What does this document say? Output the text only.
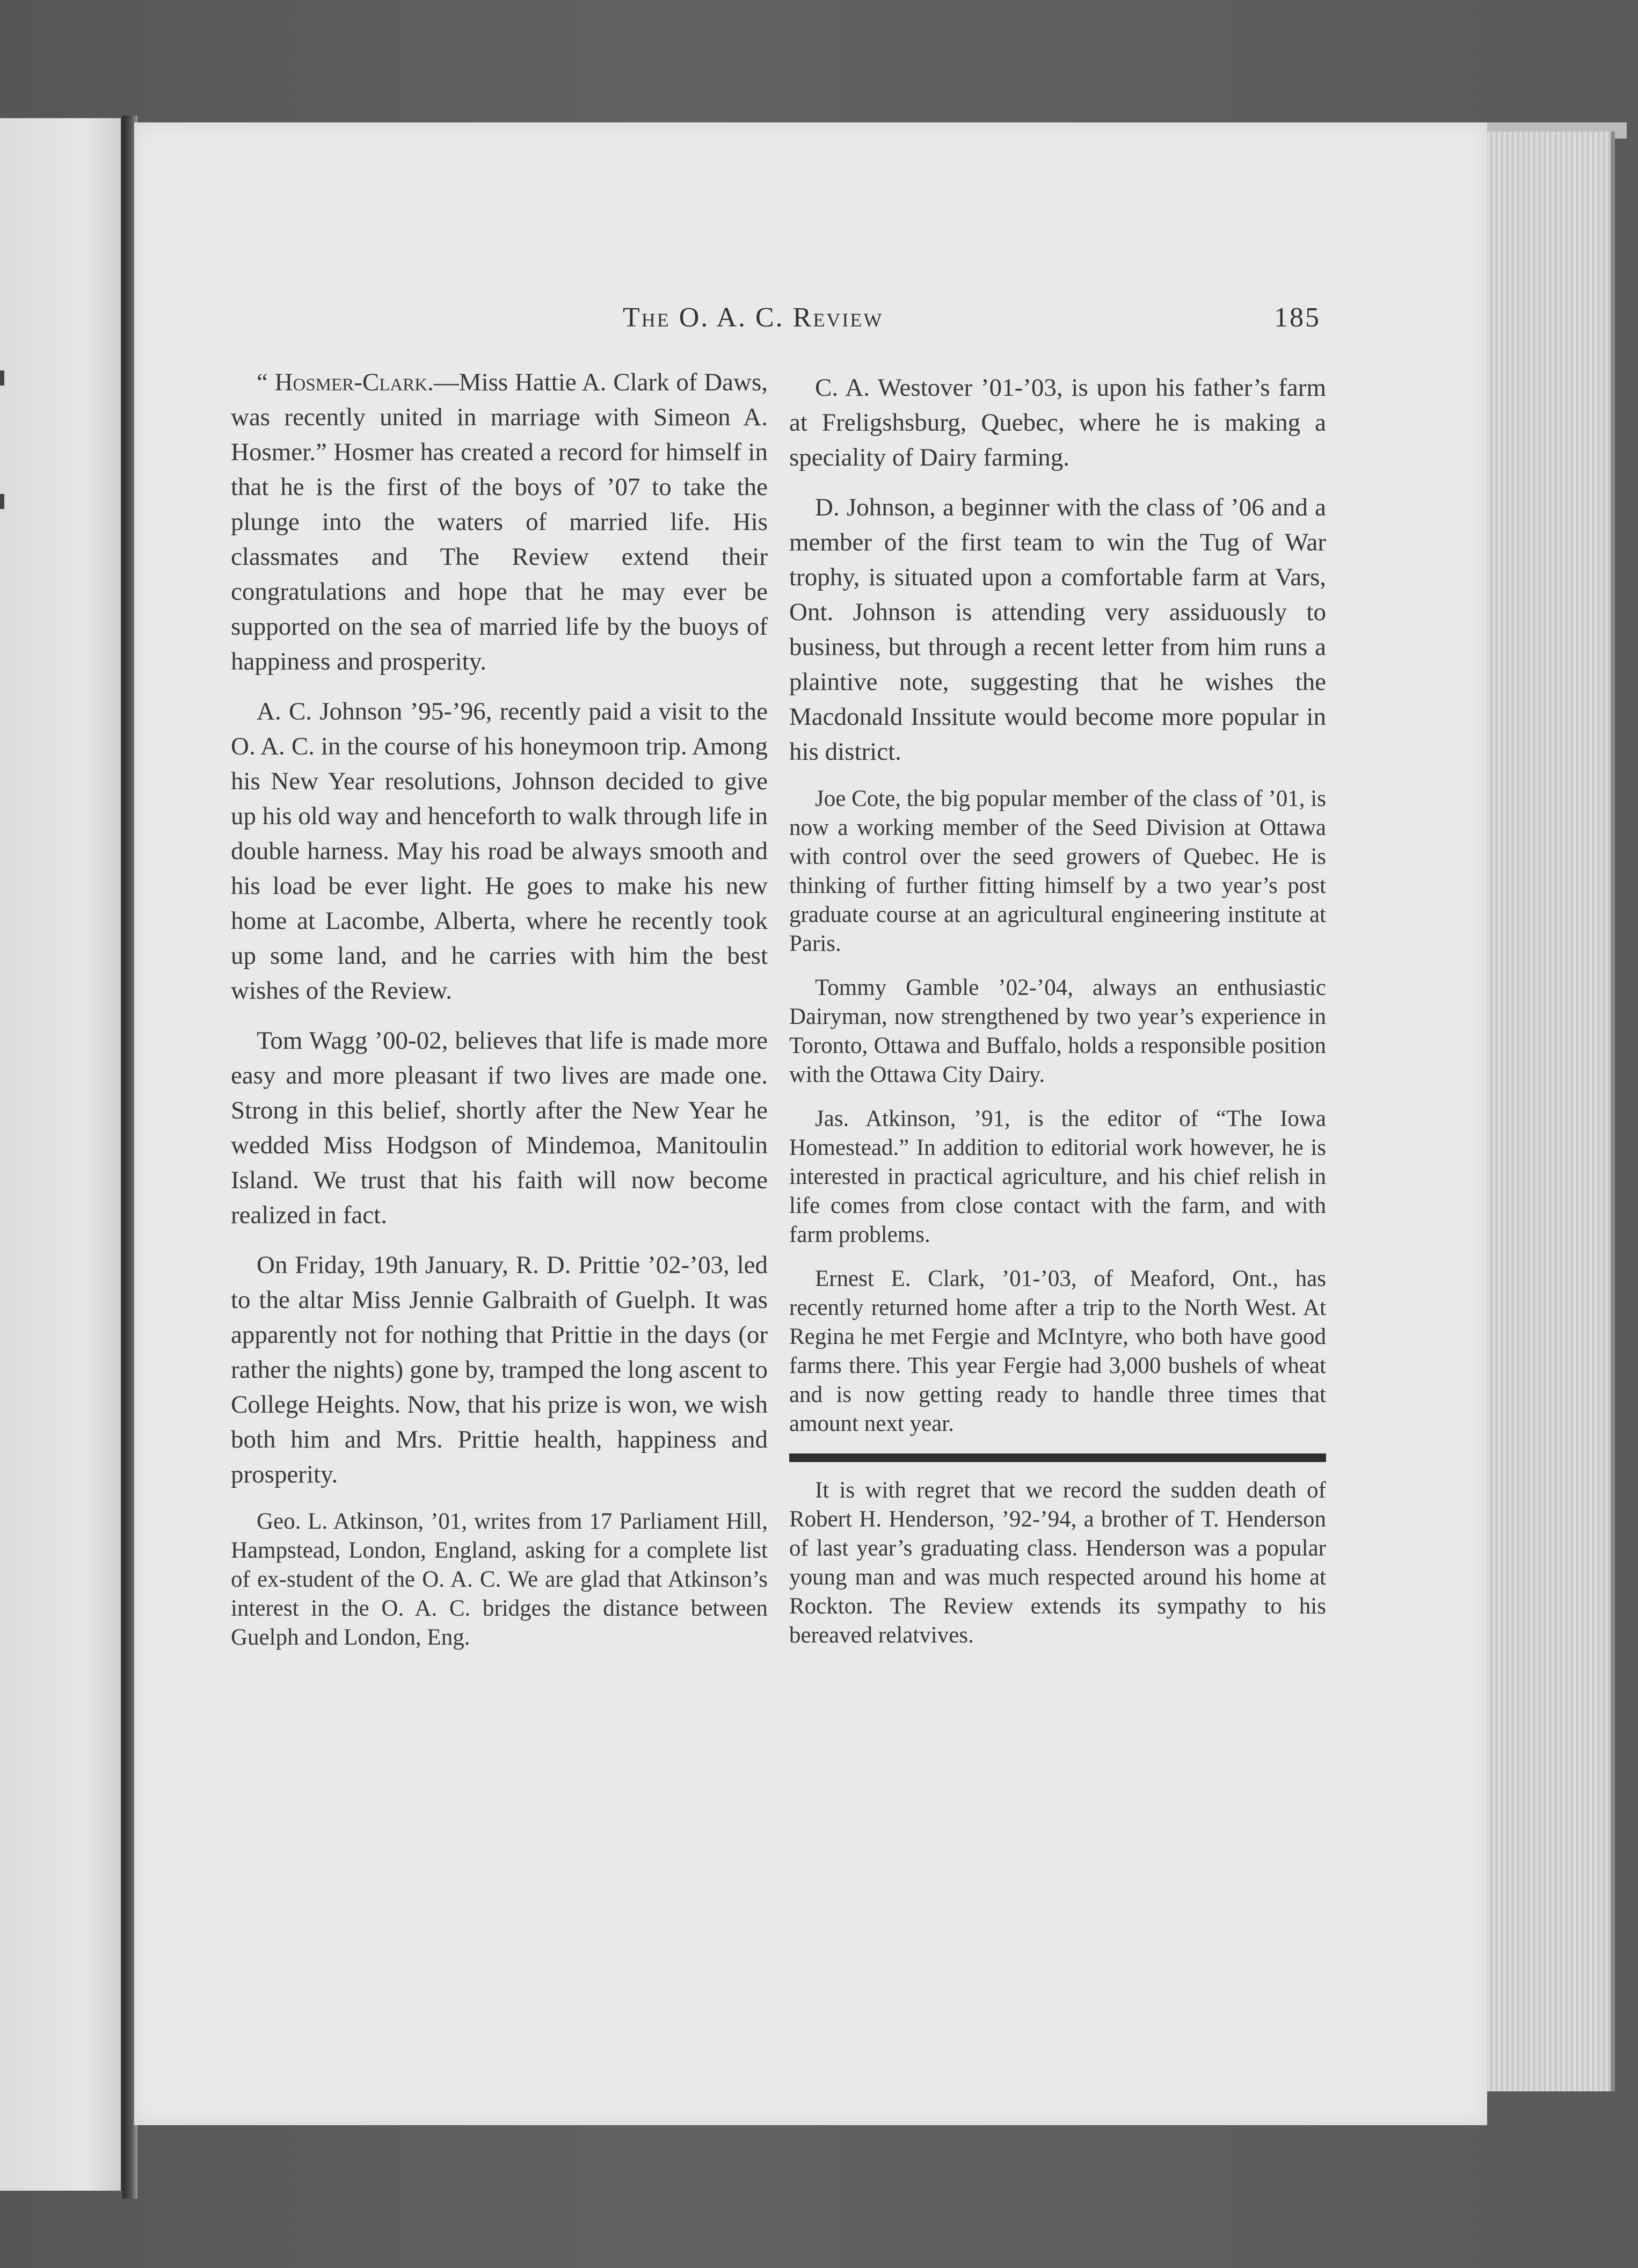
The O. A. C. Review	185

“ Hosmer-Clark.—Miss Hattie A. Clark of Daws, was recently united in marriage with Simeon A. Hosmer.” Hosmer has created a record for himself in that he is the first of the boys of ’07 to take the plunge into the waters of married life. His classmates and The Review extend their congratulations and hope that he may ever be supported on the sea of married life by the buoys of happiness and prosperity.

A. C. Johnson ’95-’96, recently paid a visit to the O. A. C. in the course of his honeymoon trip. Among his New Year resolutions, Johnson decided to give up his old way and henceforth to walk through life in double harness. May his road be always smooth and his load be ever light. He goes to make his new home at Lacombe, Alberta, where he recently took up some land, and he carries with him the best wishes of the Review.

Tom Wagg ’00-02, believes that life is made more easy and more pleasant if two lives are made one. Strong in this belief, shortly after the New Year he wedded Miss Hodgson of Mindemoa, Manitoulin Island. We trust that his faith will now become realized in fact.

On Friday, 19th January, R. D. Prittie ’02-’03, led to the altar Miss Jennie Galbraith of Guelph. It was apparently not for nothing that Prittie in the days (or rather the nights) gone by, tramped the long ascent to College Heights. Now, that his prize is won, we wish both him and Mrs. Prittie health, happiness and prosperity.

Geo. L. Atkinson, ’01, writes from 17 Parliament Hill, Hampstead, London, England, asking for a complete list of ex-student of the O. A. C. We are glad that Atkinson’s interest in the O. A. C. bridges the distance between Guelph and London, Eng.

C. A. Westover ’01-’03, is upon his father’s farm at Freligshsburg, Quebec, where he is making a speciality of Dairy farming.

D. Johnson, a beginner with the class of ’06 and a member of the first team to win the Tug of War trophy, is situated upon a comfortable farm at Vars, Ont. Johnson is attending very assiduously to business, but through a recent letter from him runs a plaintive note, suggesting that he wishes the Macdonald Inssitute would become more popular in his district.

Joe Cote, the big popular member of the class of ’01, is now a working member of the Seed Division at Ottawa with control over the seed growers of Quebec. He is thinking of further fitting himself by a two year’s post graduate course at an agricultural engineering institute at Paris.

Tommy Gamble ’02-’04, always an enthusiastic Dairyman, now strengthened by two year’s experience in Toronto, Ottawa and Buffalo, holds a responsible position with the Ottawa City Dairy.

Jas. Atkinson, ’91, is the editor of “The Iowa Homestead.” In addition to editorial work however, he is interested in practical agriculture, and his chief relish in life comes from close contact with the farm, and with farm problems.

Ernest E. Clark, ’01-’03, of Meaford, Ont., has recently returned home after a trip to the North West. At Regina he met Fergie and McIntyre, who both have good farms there. This year Fergie had 3,000 bushels of wheat and is now getting ready to handle three times that amount next year.

It is with regret that we record the sudden death of Robert H. Henderson, ’92-’94, a brother of T. Henderson of last year’s graduating class. Henderson was a popular young man and was much respected around his home at Rockton. The Review extends its sympathy to his bereaved relatvives.
